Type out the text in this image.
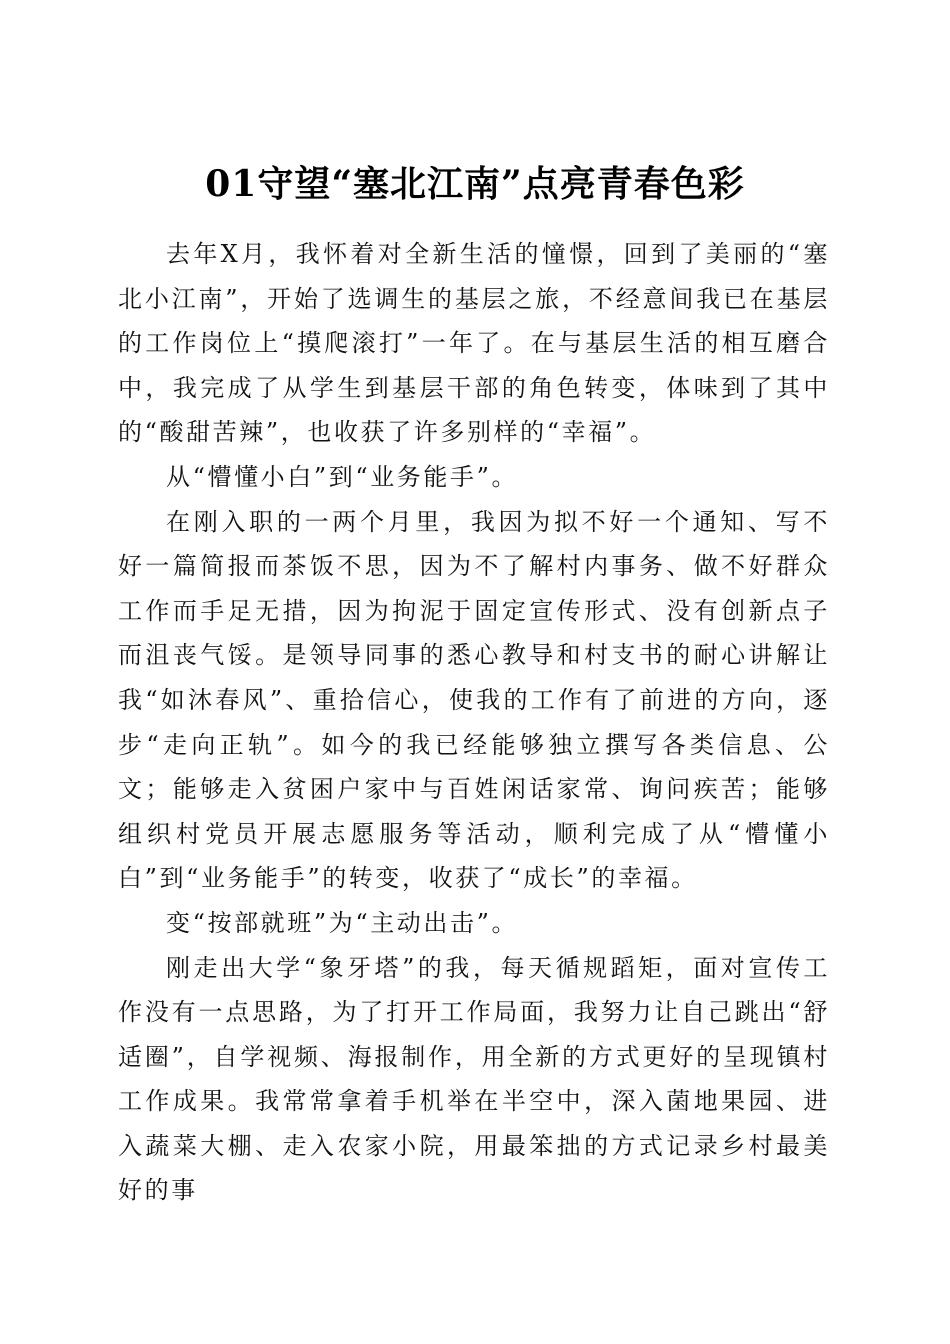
01守望“塞北江南”点亮青春色彩

去年X月，我怀着对全新生活的憧憬，回到了美丽的“塞北小江南”，开始了选调生的基层之旅，不经意间我已在基层的工作岗位上“摸爬滚打”一年了。在与基层生活的相互磨合中，我完成了从学生到基层干部的角色转变，体味到了其中的“酸甜苦辣”，也收获了许多别样的“幸福”。

从“懵懂小白”到“业务能手”。

在刚入职的一两个月里，我因为拟不好一个通知、写不好一篇简报而茶饭不思，因为不了解村内事务、做不好群众工作而手足无措，因为拘泥于固定宣传形式、没有创新点子而沮丧气馁。是领导同事的悉心教导和村支书的耐心讲解让我“如沐春风”、重拾信心，使我的工作有了前进的方向，逐步“走向正轨”。如今的我已经能够独立撰写各类信息、公文；能够走入贫困户家中与百姓闲话家常、询问疾苦；能够组织村党员开展志愿服务等活动，顺利完成了从“懵懂小白”到“业务能手”的转变，收获了“成长”的幸福。

变“按部就班”为“主动出击”。

刚走出大学“象牙塔”的我，每天循规蹈矩，面对宣传工作没有一点思路，为了打开工作局面，我努力让自己跳出“舒适圈”，自学视频、海报制作，用全新的方式更好的呈现镇村工作成果。我常常拿着手机举在半空中，深入菌地果园、进入蔬菜大棚、走入农家小院，用最笨拙的方式记录乡村最美好的事
